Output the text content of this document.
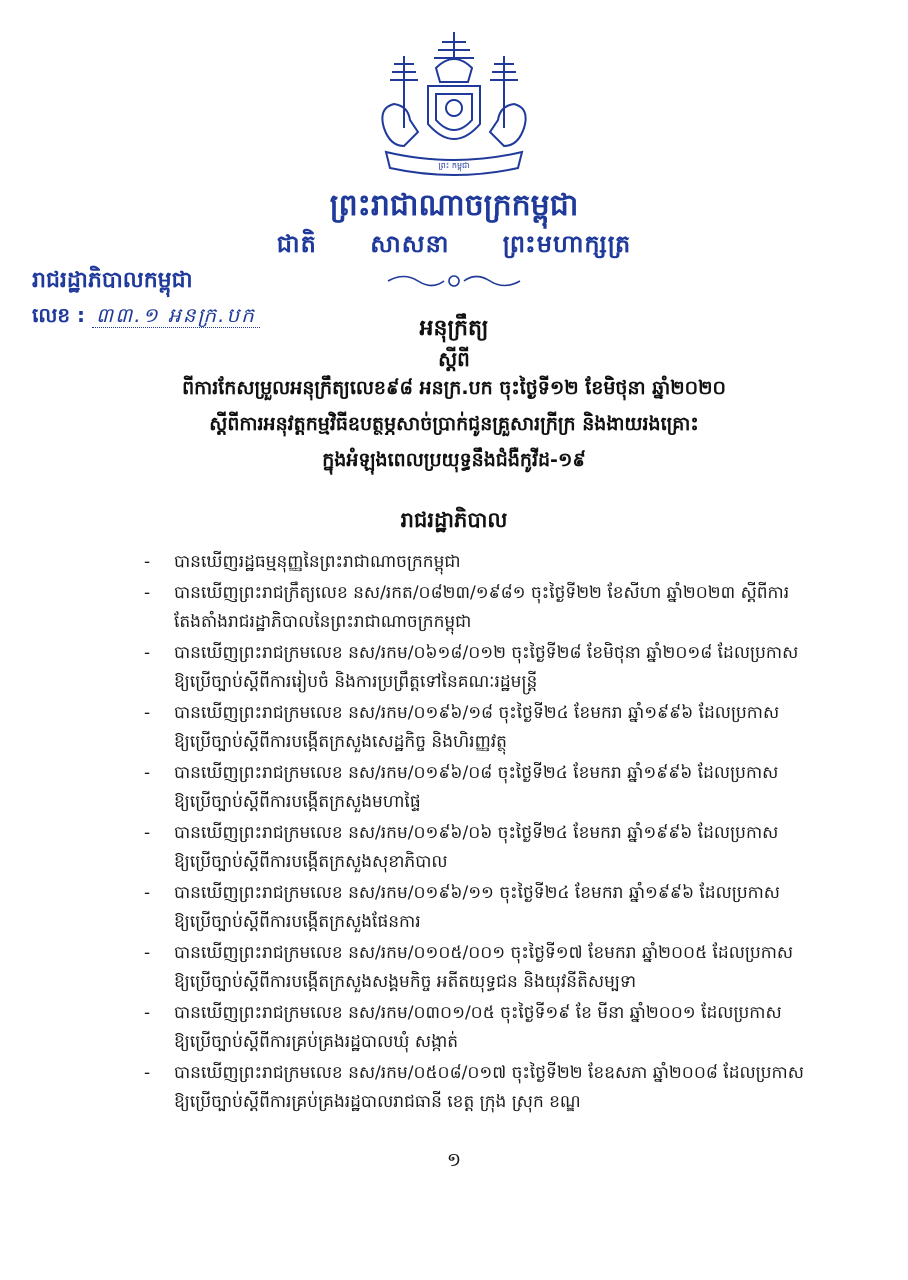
ព្រះ កម្ពុជា
ព្រះរាជាណាចក្រកម្ពុជា
ជាតិ សាសនា ព្រះមហាក្សត្រ
រាជរដ្ឋាភិបាលកម្ពុជា
លេខ : ៣៣.១ អនក្រ.បក
អនុក្រឹត្យ
ស្តីពី
ពីការកែសម្រួលអនុក្រឹត្យលេខ៩៨ អនក្រ.បក ចុះថ្ងៃទី១២ ខែមិថុនា ឆ្នាំ២០២០
ស្តីពីការអនុវត្តកម្មវិធីឧបត្ថម្ភសាច់ប្រាក់ជូនគ្រួសារក្រីក្រ និងងាយរងគ្រោះ
ក្នុងអំឡុងពេលប្រយុទ្ធនឹងជំងឺកូវីដ-១៩
រាជរដ្ឋាភិបាល
- បានឃើញរដ្ឋធម្មនុញ្ញនៃព្រះរាជាណាចក្រកម្ពុជា
- បានឃើញព្រះរាជក្រឹត្យលេខ នស/រកត/០៨២៣/១៩៨១ ចុះថ្ងៃទី២២ ខែសីហា ឆ្នាំ២០២៣ ស្តីពីការ
តែងតាំងរាជរដ្ឋាភិបាលនៃព្រះរាជាណាចក្រកម្ពុជា
- បានឃើញព្រះរាជក្រមលេខ នស/រកម/០៦១៨/០១២ ចុះថ្ងៃទី២៨ ខែមិថុនា ឆ្នាំ២០១៨ ដែលប្រកាស
ឱ្យប្រើច្បាប់ស្តីពីការរៀបចំ និងការប្រព្រឹត្តទៅនៃគណៈរដ្ឋមន្ត្រី
- បានឃើញព្រះរាជក្រមលេខ នស/រកម/០១៩៦/១៨ ចុះថ្ងៃទី២៤ ខែមករា ឆ្នាំ១៩៩៦ ដែលប្រកាស
ឱ្យប្រើច្បាប់ស្តីពីការបង្កើតក្រសួងសេដ្ឋកិច្ច និងហិរញ្ញវត្ថុ
- បានឃើញព្រះរាជក្រមលេខ នស/រកម/០១៩៦/០៨ ចុះថ្ងៃទី២៤ ខែមករា ឆ្នាំ១៩៩៦ ដែលប្រកាស
ឱ្យប្រើច្បាប់ស្តីពីការបង្កើតក្រសួងមហាផ្ទៃ
- បានឃើញព្រះរាជក្រមលេខ នស/រកម/០១៩៦/០៦ ចុះថ្ងៃទី២៤ ខែមករា ឆ្នាំ១៩៩៦ ដែលប្រកាស
ឱ្យប្រើច្បាប់ស្តីពីការបង្កើតក្រសួងសុខាភិបាល
- បានឃើញព្រះរាជក្រមលេខ នស/រកម/០១៩៦/១១ ចុះថ្ងៃទី២៤ ខែមករា ឆ្នាំ១៩៩៦ ដែលប្រកាស
ឱ្យប្រើច្បាប់ស្តីពីការបង្កើតក្រសួងផែនការ
- បានឃើញព្រះរាជក្រមលេខ នស/រកម/០១០៥/០០១ ចុះថ្ងៃទី១៧ ខែមករា ឆ្នាំ២០០៥ ដែលប្រកាស
ឱ្យប្រើច្បាប់ស្តីពីការបង្កើតក្រសួងសង្គមកិច្ច អតីតយុទ្ធជន និងយុវនីតិសម្បទា
- បានឃើញព្រះរាជក្រមលេខ នស/រកម/០៣០១/០៥ ចុះថ្ងៃទី១៩ ខែ មីនា ឆ្នាំ២០០១ ដែលប្រកាស
ឱ្យប្រើច្បាប់ស្តីពីការគ្រប់គ្រងរដ្ឋបាលឃុំ សង្កាត់
- បានឃើញព្រះរាជក្រមលេខ នស/រកម/០៥០៨/០១៧ ចុះថ្ងៃទី២២ ខែឧសភា ឆ្នាំ២០០៨ ដែលប្រកាស
ឱ្យប្រើច្បាប់ស្តីពីការគ្រប់គ្រងរដ្ឋបាលរាជធានី ខេត្ត ក្រុង ស្រុក ខណ្ឌ
១
